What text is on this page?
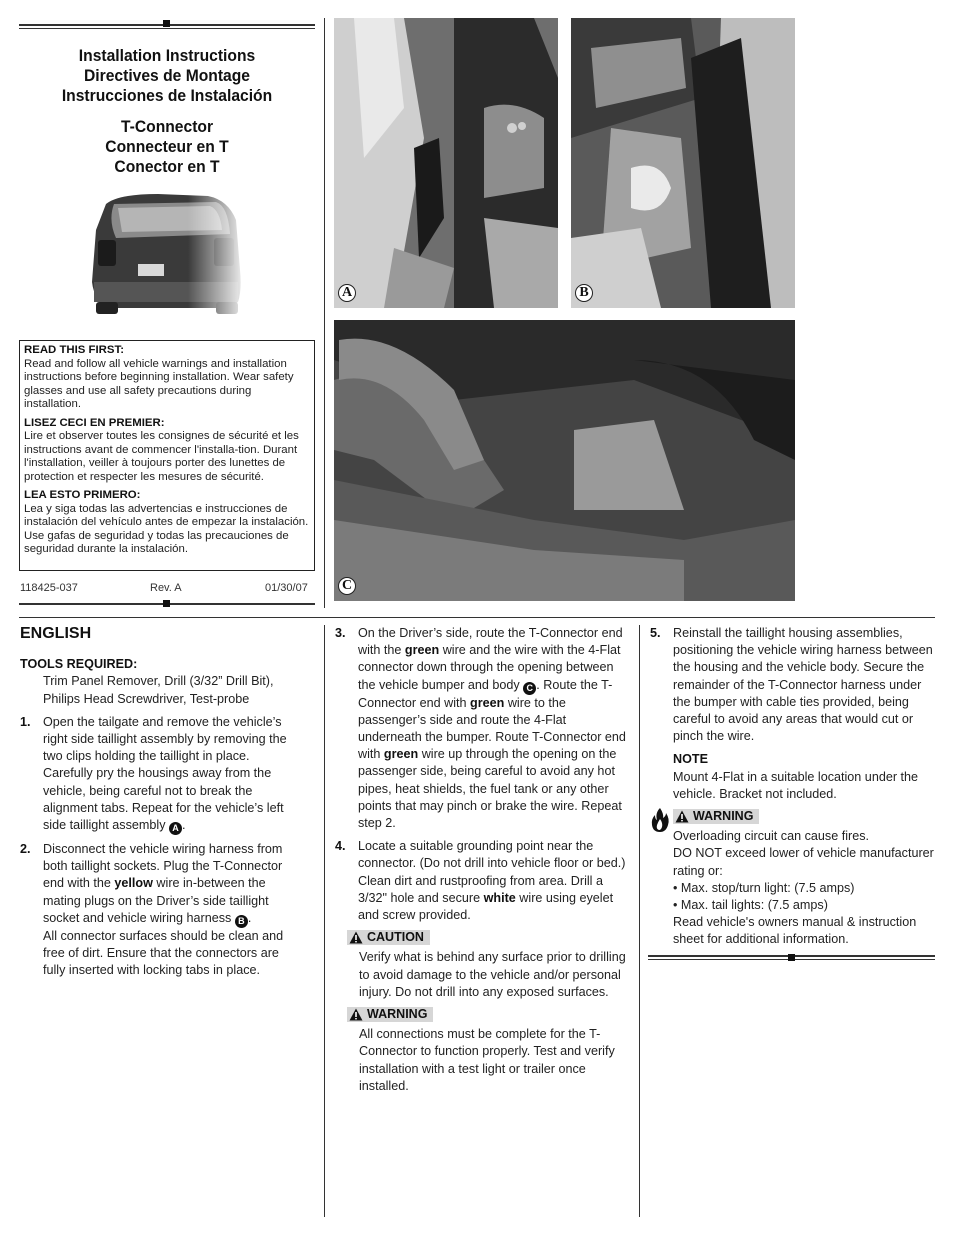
Installation Instructions
Directives de Montage
Instrucciones de Instalación
T-Connector
Connecteur en T
Conector en T
READ THIS FIRST:

Read and follow all vehicle warnings and installation instructions before beginning installation. Wear safety glasses and use all safety precautions during installation.

LISEZ CECI EN PREMIER:

Lire et observer toutes les consignes de sécurité et les instructions avant de commencer l'installa-tion. Durant l'installation, veiller à toujours porter des lunettes de protection et respecter les mesures de sécurité.

LEA ESTO PRIMERO:

Lea y siga todas las advertencias e instrucciones de instalación del vehículo antes de empezar la instalación. Use gafas de seguridad y todas las precauciones de seguridad durante la instalación.

118425-037	Rev. A	01/30/07
A	B
C
ENGLISH
TOOLS REQUIRED:
Trim Panel Remover, Drill (3/32” Drill Bit), Philips Head Screwdriver, Test-probe
1. Open the tailgate and remove the vehicle’s right side taillight assembly by removing the two clips holding the taillight in place. Carefully pry the housings away from the vehicle, being careful not to break the alignment tabs. Repeat for the vehicle’s left side taillight assembly A .
2. Disconnect the vehicle wiring harness from both taillight sockets. Plug the T-Connector end with the yellow wire in-between the mating plugs on the Driver’s side taillight socket and vehicle wiring harness B .
All connector surfaces should be clean and free of dirt. Ensure that the connectors are fully inserted with locking tabs in place.
3. On the Driver’s side, route the T-Connector end with the green wire and the wire with the 4-Flat connector down through the opening between the vehicle bumper and body C . Route the T-Connector end with green wire to the passenger’s side and route the 4-Flat underneath the bumper. Route T-Connector end with green wire up through the opening on the passenger side, being careful to avoid any hot pipes, heat shields, the fuel tank or any other points that may pinch or brake the wire. Repeat step 2.
4. Locate a suitable grounding point near the connector. (Do not drill into vehicle floor or bed.) Clean dirt and rustproofing from area. Drill a 3/32" hole and secure white wire using eyelet and screw provided.
CAUTION
Verify what is behind any surface prior to drilling to avoid damage to the vehicle and/or personal injury. Do not drill into any exposed surfaces.
WARNING
All connections must be complete for the T-Connector to function properly. Test and verify installation with a test light or trailer once installed.
5. Reinstall the taillight housing assemblies, positioning the vehicle wiring harness between the housing and the vehicle body. Secure the remainder of the T-Connector harness under the bumper with cable ties provided, being careful to avoid any areas that would cut or pinch the wire.
NOTE
Mount 4-Flat in a suitable location under the vehicle. Bracket not included.
WARNING
Overloading circuit can cause fires.
DO NOT exceed lower of vehicle manufacturer rating or:
• Max. stop/turn light: (7.5 amps)
• Max. tail lights: (7.5 amps)
Read vehicle's owners manual & instruction sheet for additional information.
